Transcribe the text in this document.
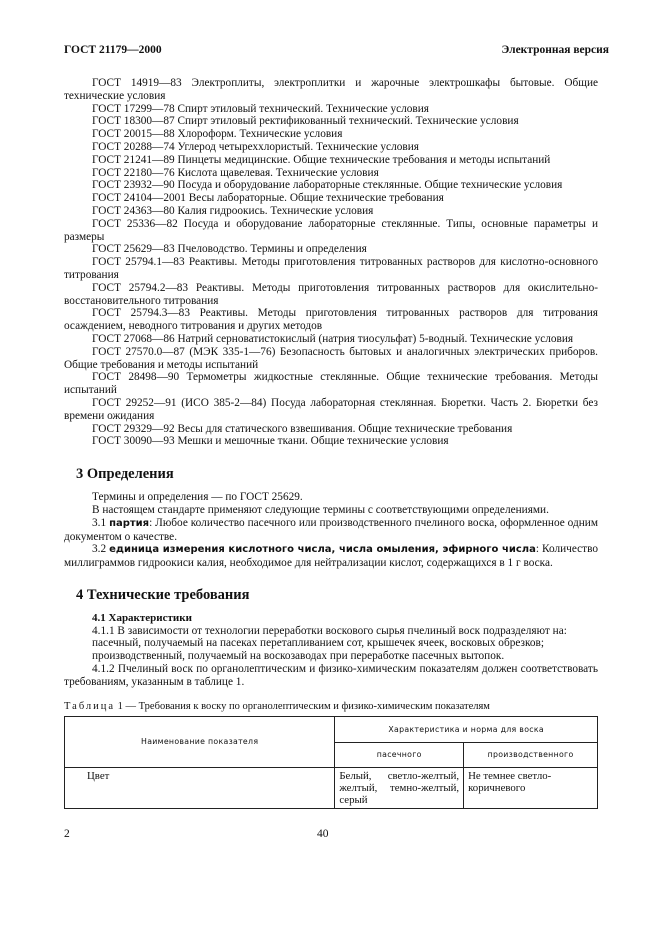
ГОСТ 21179—2000	Электронная версия

ГОСТ 14919—83 Электроплиты, электроплитки и жарочные электрошкафы бытовые. Общие технические условия

ГОСТ 17299—78 Спирт этиловый технический. Технические условия

ГОСТ 18300—87 Спирт этиловый ректификованный технический. Технические условия

ГОСТ 20015—88 Хлороформ. Технические условия

ГОСТ 20288—74 Углерод четыреххлористый. Технические условия

ГОСТ 21241—89 Пинцеты медицинские. Общие технические требования и методы испытаний

ГОСТ 22180—76 Кислота щавелевая. Технические условия

ГОСТ 23932—90 Посуда и оборудование лабораторные стеклянные. Общие технические условия

ГОСТ 24104—2001 Весы лабораторные. Общие технические требования

ГОСТ 24363—80 Калия гидроокись. Технические условия

ГОСТ 25336—82 Посуда и оборудование лабораторные стеклянные. Типы, основные параметры и размеры

ГОСТ 25629—83 Пчеловодство. Термины и определения

ГОСТ 25794.1—83 Реактивы. Методы приготовления титрованных растворов для кислотно-основного титрования

ГОСТ 25794.2—83 Реактивы. Методы приготовления титрованных растворов для окислительно-восстановительного титрования

ГОСТ 25794.3—83 Реактивы. Методы приготовления титрованных растворов для титрования осаждением, неводного титрования и других методов

ГОСТ 27068—86 Натрий серноватистокислый (натрия тиосульфат) 5-водный. Технические условия

ГОСТ 27570.0—87 (МЭК 335-1—76) Безопасность бытовых и аналогичных электрических приборов. Общие требования и методы испытаний

ГОСТ 28498—90 Термометры жидкостные стеклянные. Общие технические требования. Методы испытаний

ГОСТ 29252—91 (ИСО 385-2—84) Посуда лабораторная стеклянная. Бюретки. Часть 2. Бюретки без времени ожидания

ГОСТ 29329—92 Весы для статического взвешивания. Общие технические требования

ГОСТ 30090—93 Мешки и мешочные ткани. Общие технические условия

3 Определения

Термины и определения — по ГОСТ 25629.

В настоящем стандарте применяют следующие термины с соответствующими определениями.

3.1 партия: Любое количество пасечного или производственного пчелиного воска, оформленное одним документом о качестве.

3.2 единица измерения кислотного числа, числа омыления, эфирного числа: Количество миллиграммов гидроокиси калия, необходимое для нейтрализации кислот, содержащихся в 1 г воска.

4 Технические требования

4.1 Характеристики

4.1.1 В зависимости от технологии переработки воскового сырья пчелиный воск подразделяют на:

пасечный, получаемый на пасеках перетапливанием сот, крышечек ячеек, восковых обрезков;

производственный, получаемый на воскозаводах при переработке пасечных вытопок.

4.1.2 Пчелиный воск по органолептическим и физико-химическим показателям должен соответствовать требованиям, указанным в таблице 1.

Таблица 1 — Требования к воску по органолептическим и физико-химическим показателям

Наименование показателя	Характеристика и норма для воска	
	пасечного	производственного
Цвет	Белый, светло-желтый, желтый, темно-желтый, серый	Не темнее светло-коричневого
2	40
